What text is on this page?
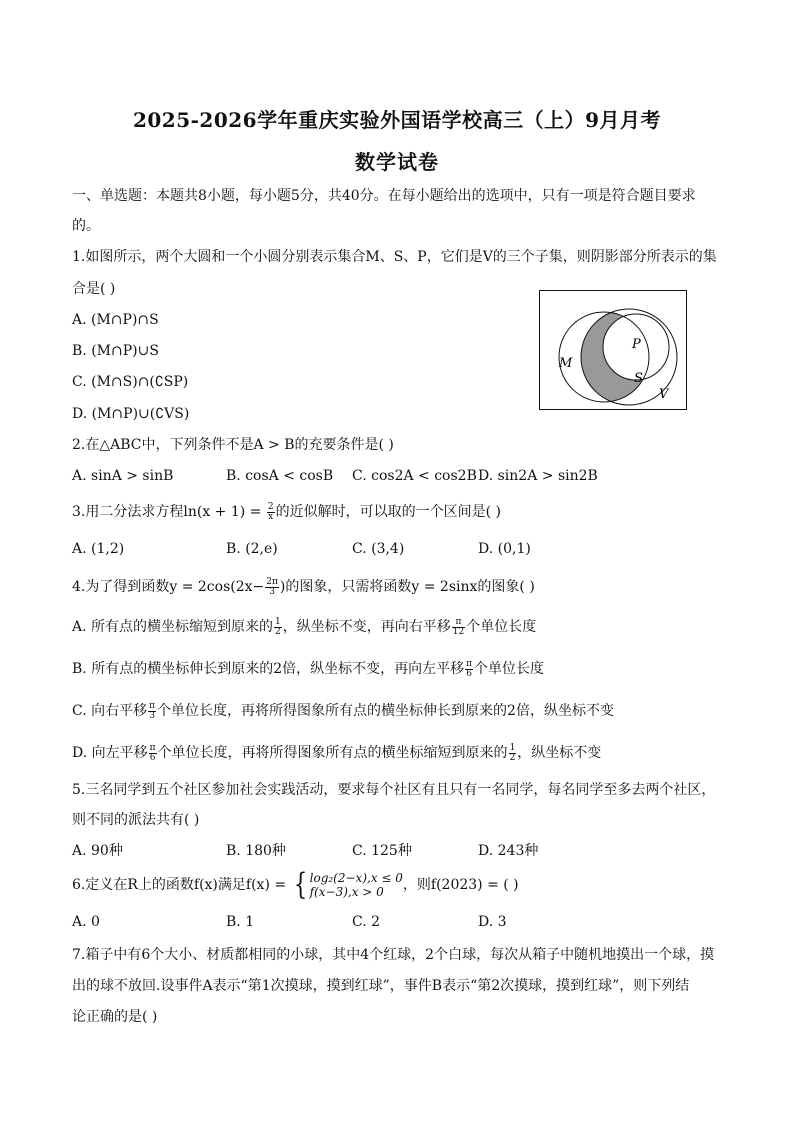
2025-2026学年重庆实验外国语学校高三（上）9月月考
数学试卷
一、单选题：本题共8小题，每小题5分，共40分。在每小题给出的选项中，只有一项是符合题目要求
的。
1.如图所示，两个大圆和一个小圆分别表示集合M、S、P，它们是V的三个子集，则阴影部分所表示的集
合是( )
A. (M∩P)∩S
B. (M∩P)∪S
C. (M∩S)∩(∁SP)
D. (M∩P)∪(∁VS)
M
P
S
V
2.在△ABC中，下列条件不是A > B的充要条件是( )
A. sinA > sinB	B. cosA < cosB C. cos2A < cos2B D. sin2A > sin2B
3.用二分法求方程$\ln(x + 1) = \frac{2}{x}$ 的近似解时，可以取的一个区间是( )
A. (1,2)	B. (2,e)	C. (3,4)	D. (0,1)
4.为了得到函数$y = 2\cos(2x- \frac{2\pi}{3}$ )的图象，只需将函数y = 2sinx的图象( )
A. 所有点的横坐标缩短到原来的 $\frac{1}{2}$ ，纵坐标不变，再向右平移 $\frac{\pi}{12}$ 个单位长度
B. 所有点的横坐标伸长到原来的2倍，纵坐标不变，再向左平移 $\frac{\pi}{6}$ 个单位长度
C. 向右平移 $\frac{\pi}{3}$ 个单位长度，再将所得图象所有点的横坐标伸长到原来的2倍，纵坐标不变
D. 向左平移 $\frac{\pi}{6}$ 个单位长度，再将所得图象所有点的横坐标缩短到原来的 $\frac{1}{2}$ ，纵坐标不变
5.三名同学到五个社区参加社会实践活动，要求每个社区有且只有一名同学，每名同学至多去两个社区，
则不同的派法共有( )
A. 90种	B. 180种	C. 125种	D. 243种
6.定义在R上的函数f(x)满足f(x) = { log₂(2−x),x ≤ 0
f(x−3),x > 0	，则f(2023) = ( )
A. 0	B. 1	C. 2	D. 3
7.箱子中有6个大小、材质都相同的小球，其中4个红球，2个白球，每次从箱子中随机地摸出一个球，摸
出的球不放回.设事件A表示“第1次摸球，摸到红球”，事件B表示“第2次摸球，摸到红球”，则下列结
论正确的是( )
